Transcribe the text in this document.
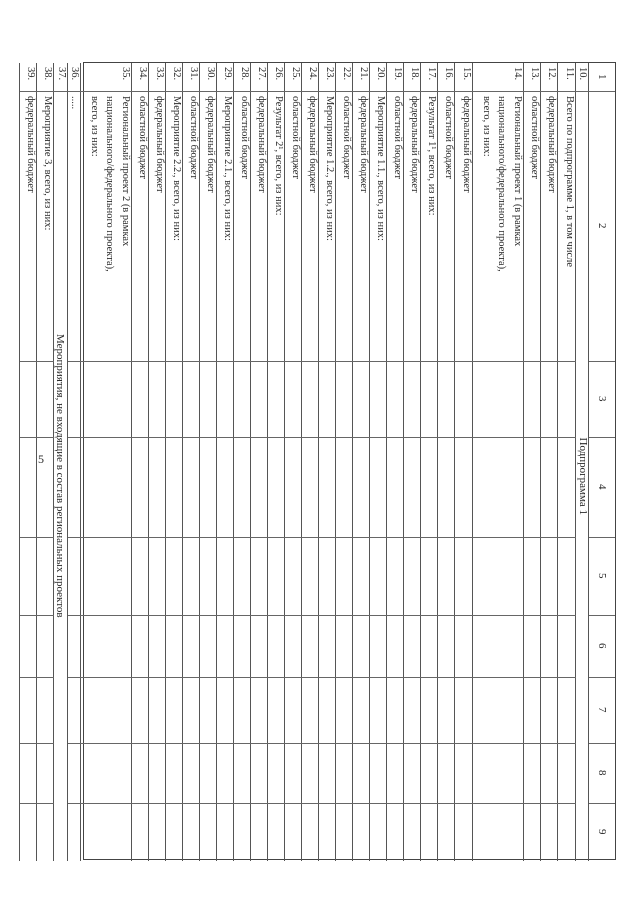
5
1
2
3
4
5
6
7
8
9
10.
Подпрограмма 1
11.
Всего по подпрограмме 1, в том числе
12.
федеральный бюджет
13.
областной бюджет
14.
Региональный проект 1 (в рамках
национального/федерального проекта),
всего, из них:
15.
федеральный бюджет
16.
областной бюджет
17.
Результат 1¹, всего, из них:
18.
федеральный бюджет
19.
областной бюджет
20.
Мероприятие 1.1., всего, из них:
21.
федеральный бюджет
22.
областной бюджет
23.
Мероприятие 1.2., всего, из них:
24.
федеральный бюджет
25.
областной бюджет
26.
Результат 2¹, всего, из них:
27.
федеральный бюджет
28.
областной бюджет
29.
Мероприятие 2.1., всего, из них:
30.
федеральный бюджет
31.
областной бюджет
32.
Мероприятие 2.2., всего, из них:
33.
федеральный бюджет
34.
областной бюджет
35.
Региональный проект 2 (в рамках
национального/федерального проекта),
всего, из них:
36.
.....
37.
Мероприятия, не входящие в состав региональных проектов
38.
Мероприятие 3, всего, из них:
39.
федеральный бюджет
